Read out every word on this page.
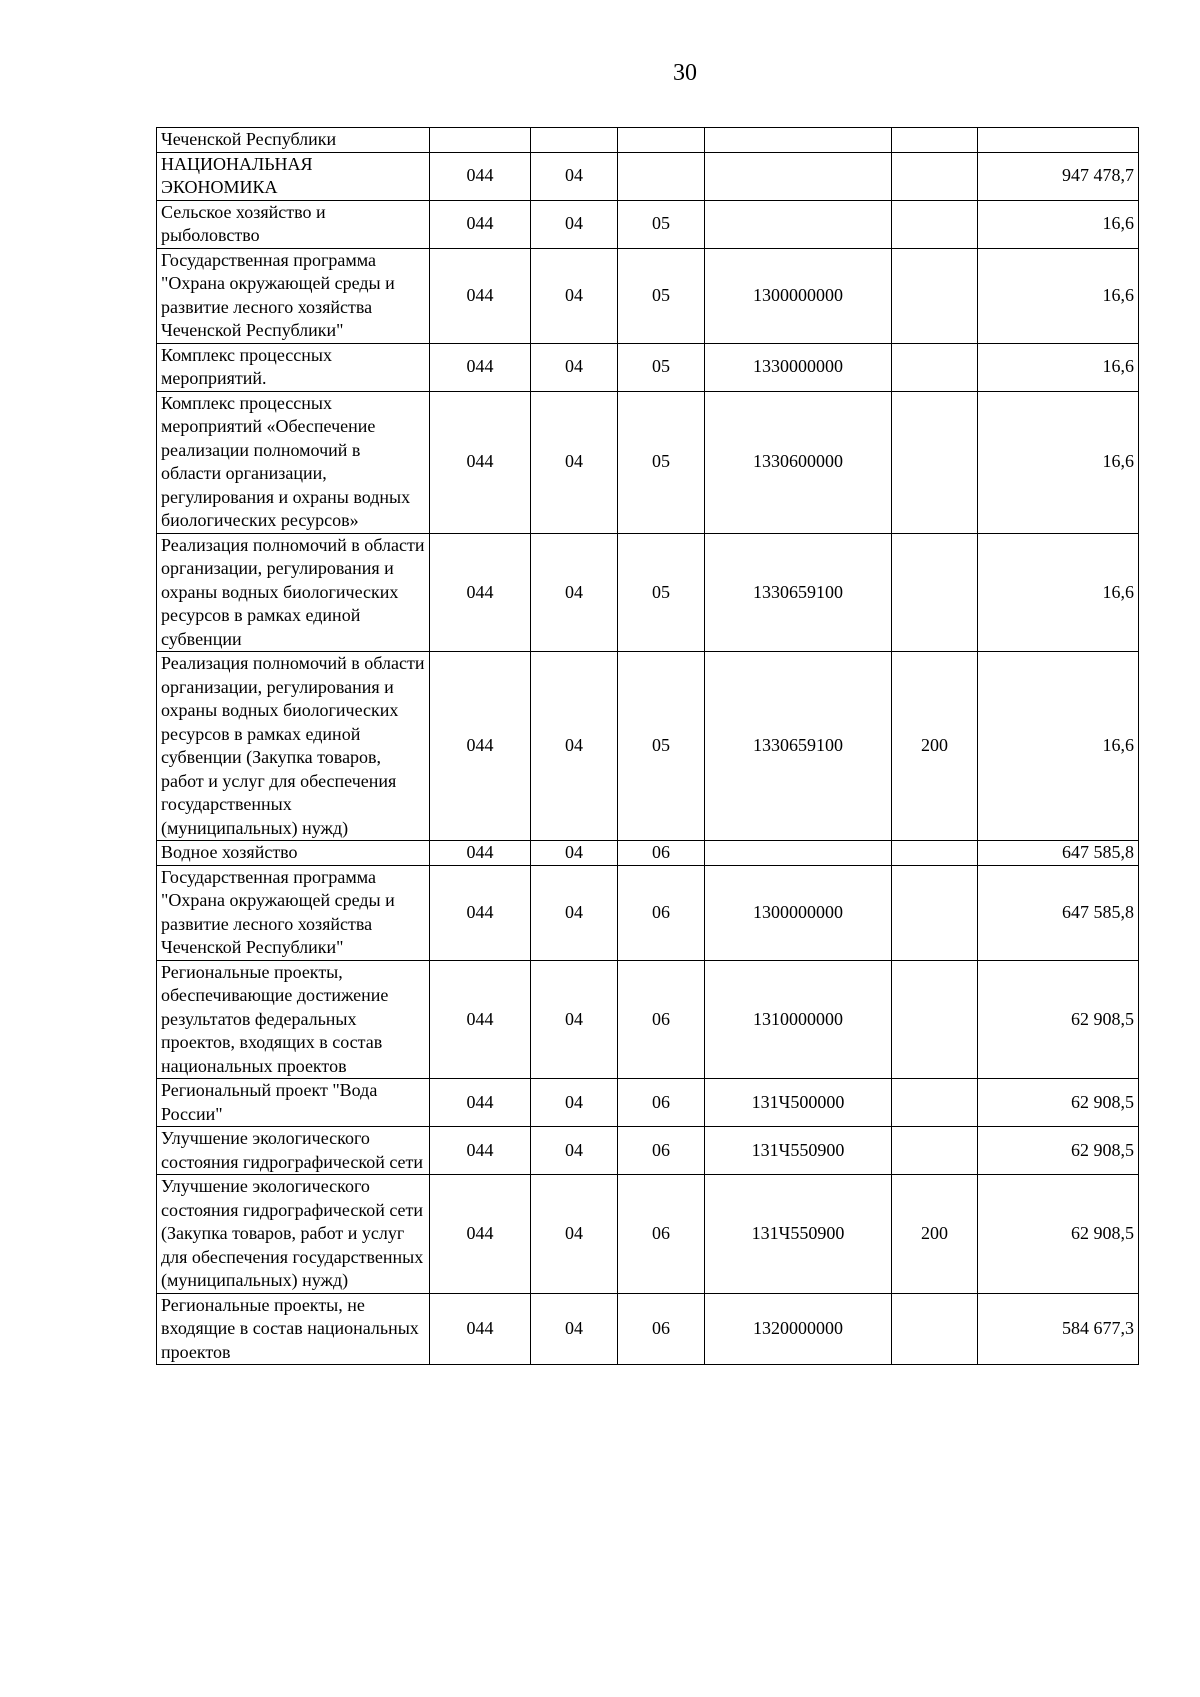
30
Чеченской Республики						
НАЦИОНАЛЬНАЯ ЭКОНОМИКА	044	04				947 478,7
Сельское хозяйство и рыболовство	044	04	05			16,6
Государственная программа "Охрана окружающей среды и развитие лесного хозяйства Чеченской Республики"	044	04	05	1300000000		16,6
Комплекс процессных мероприятий.	044	04	05	1330000000		16,6
Комплекс процессных мероприятий «Обеспечение реализации полномочий в области организации, регулирования и охраны водных биологических ресурсов»	044	04	05	1330600000		16,6
Реализация полномочий в области организации, регулирования и охраны водных биологических ресурсов в рамках единой субвенции	044	04	05	1330659100		16,6
Реализация полномочий в области организации, регулирования и охраны водных биологических ресурсов в рамках единой субвенции (Закупка товаров, работ и услуг для обеспечения государственных (муниципальных) нужд)	044	04	05	1330659100	200	16,6
Водное хозяйство	044	04	06			647 585,8
Государственная программа "Охрана окружающей среды и развитие лесного хозяйства Чеченской Республики"	044	04	06	1300000000		647 585,8
Региональные проекты, обеспечивающие достижение результатов федеральных проектов, входящих в состав национальных проектов	044	04	06	1310000000		62 908,5
Региональный проект "Вода России"	044	04	06	131Ч500000		62 908,5
Улучшение экологического состояния гидрографической сети	044	04	06	131Ч550900		62 908,5
Улучшение экологического состояния гидрографической сети (Закупка товаров, работ и услуг для обеспечения государственных (муниципальных) нужд)	044	04	06	131Ч550900	200	62 908,5
Региональные проекты, не входящие в состав национальных проектов	044	04	06	1320000000		584 677,3
